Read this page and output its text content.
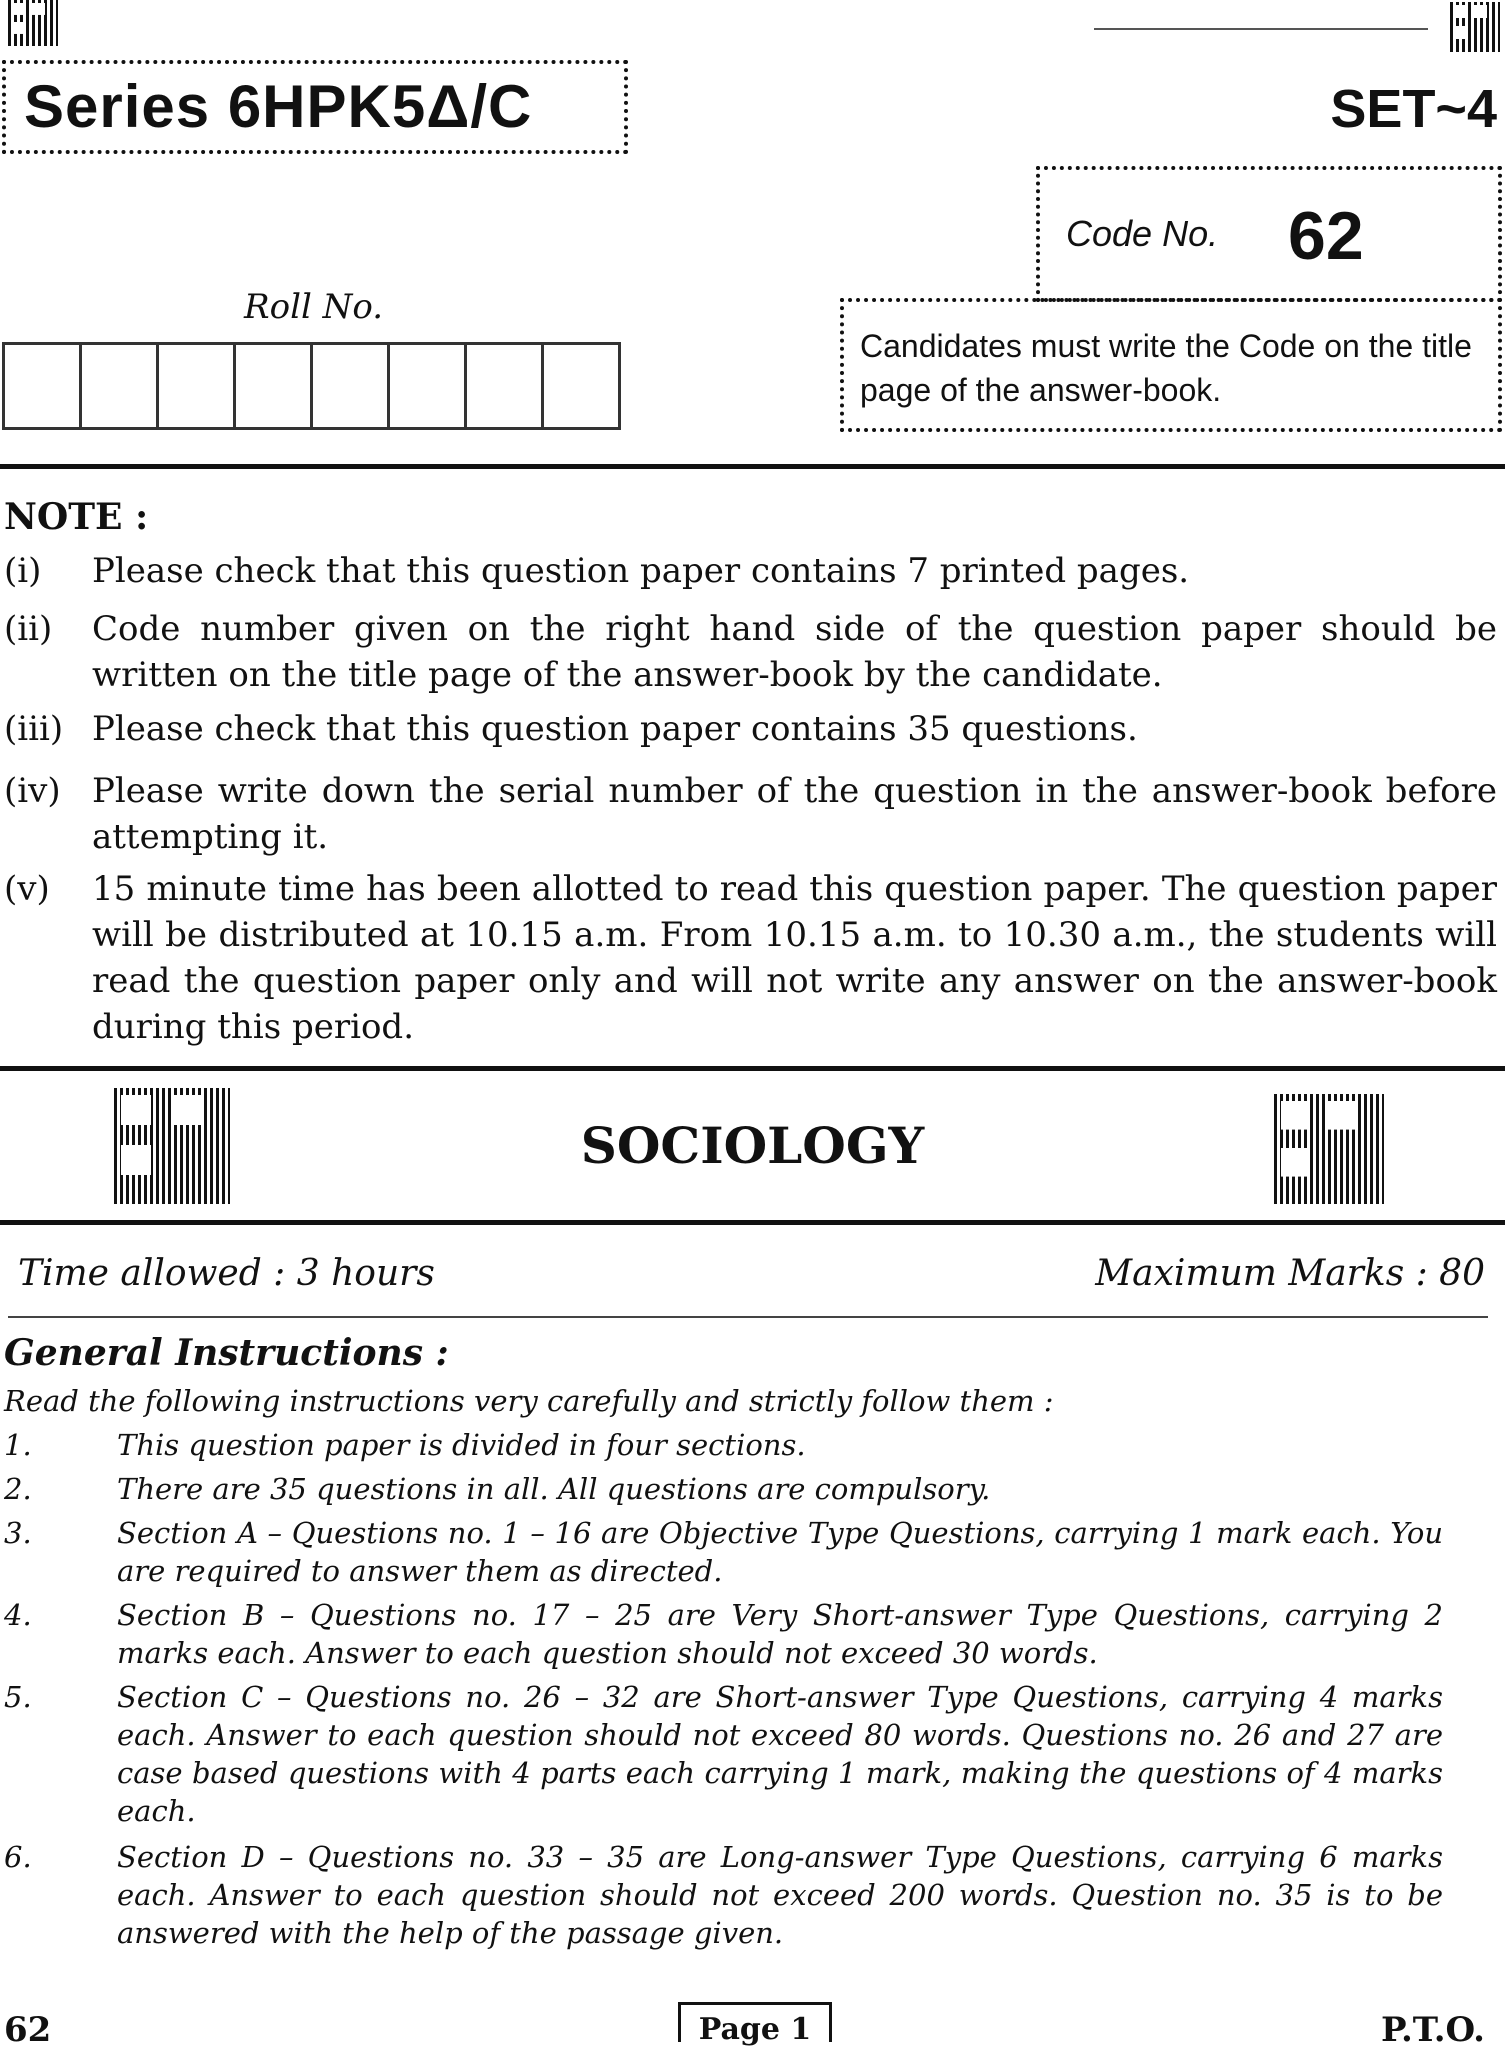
Series 6HPK5Δ/C	SET~4
Code No. 62
Candidates must write the Code on the title page of the answer-book.
Roll No.
NOTE :
(i) Please check that this question paper contains 7 printed pages.
(ii) Code number given on the right hand side of the question paper should be written on the title page of the answer-book by the candidate.
(iii) Please check that this question paper contains 35 questions.
(iv) Please write down the serial number of the question in the answer-book before attempting it.
(v) 15 minute time has been allotted to read this question paper. The question paper will be distributed at 10.15 a.m. From 10.15 a.m. to 10.30 a.m., the students will read the question paper only and will not write any answer on the answer-book during this period.
SOCIOLOGY
Time allowed : 3 hours	Maximum Marks : 80
General Instructions :
Read the following instructions very carefully and strictly follow them :
1.	This question paper is divided in four sections.
2.	There are 35 questions in all. All questions are compulsory.
3.	Section A – Questions no. 1 – 16 are Objective Type Questions, carrying 1 mark each. You are required to answer them as directed.
4.	Section B – Questions no. 17 – 25 are Very Short-answer Type Questions, carrying 2 marks each. Answer to each question should not exceed 30 words.
5.	Section C – Questions no. 26 – 32 are Short-answer Type Questions, carrying 4 marks each. Answer to each question should not exceed 80 words. Questions no. 26 and 27 are case based questions with 4 parts each carrying 1 mark, making the questions of 4 marks each.
6.	Section D – Questions no. 33 – 35 are Long-answer Type Questions, carrying 6 marks each. Answer to each question should not exceed 200 words. Question no. 35 is to be answered with the help of the passage given.
62	Page 1	P.T.O.
